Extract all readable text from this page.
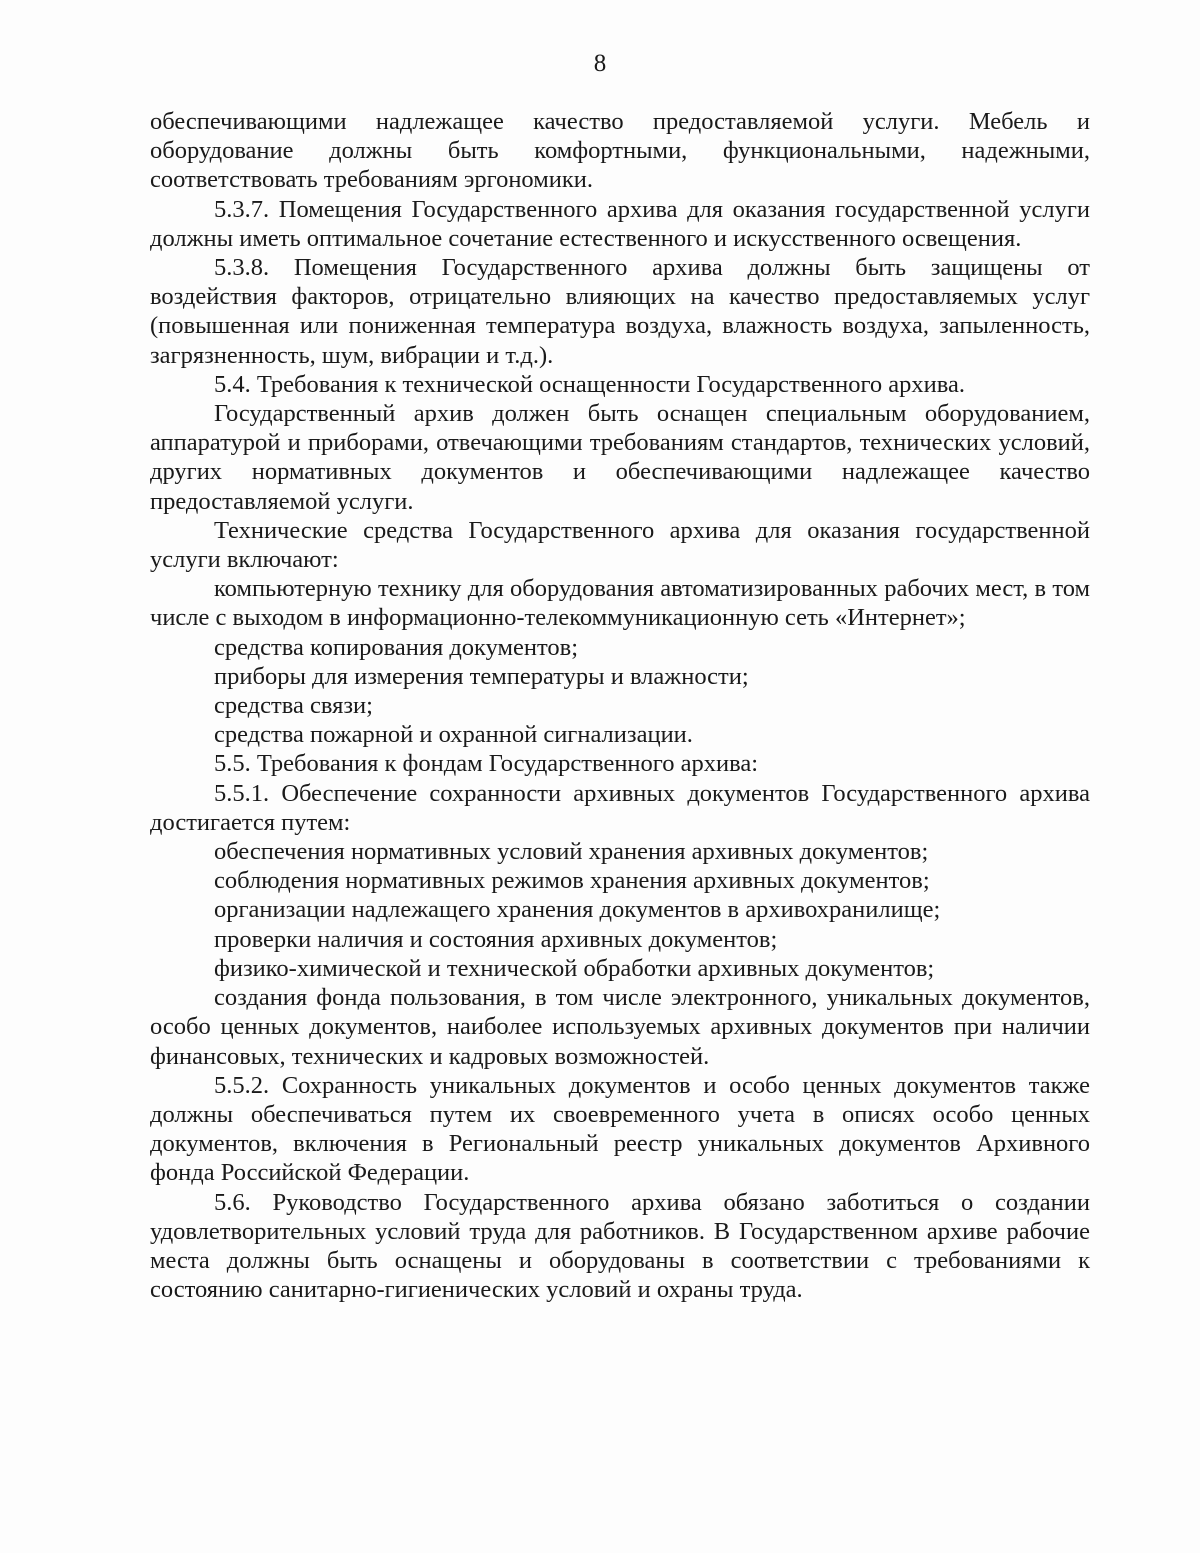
8

обеспечивающими надлежащее качество предоставляемой услуги. Мебель и оборудование должны быть комфортными, функциональными, надежными, соответствовать требованиям эргономики.

5.3.7. Помещения Государственного архива для оказания государственной услуги должны иметь оптимальное сочетание естественного и искусственного освещения.

5.3.8. Помещения Государственного архива должны быть защищены от воздействия факторов, отрицательно влияющих на качество предоставляемых услуг (повышенная или пониженная температура воздуха, влажность воздуха, запыленность, загрязненность, шум, вибрации и т.д.).

5.4. Требования к технической оснащенности Государственного архива.

Государственный архив должен быть оснащен специальным оборудованием, аппаратурой и приборами, отвечающими требованиям стандартов, технических условий, других нормативных документов и обеспечивающими надлежащее качество предоставляемой услуги.

Технические средства Государственного архива для оказания государственной услуги включают:

компьютерную технику для оборудования автоматизированных рабочих мест, в том числе с выходом в информационно-телекоммуникационную сеть «Интернет»;

средства копирования документов;

приборы для измерения температуры и влажности;

средства связи;

средства пожарной и охранной сигнализации.

5.5. Требования к фондам Государственного архива:

5.5.1. Обеспечение сохранности архивных документов Государственного архива достигается путем:

обеспечения нормативных условий хранения архивных документов;

соблюдения нормативных режимов хранения архивных документов;

организации надлежащего хранения документов в архивохранилище;

проверки наличия и состояния архивных документов;

физико-химической и технической обработки архивных документов;

создания фонда пользования, в том числе электронного, уникальных документов, особо ценных документов, наиболее используемых архивных документов при наличии финансовых, технических и кадровых возможностей.

5.5.2. Сохранность уникальных документов и особо ценных документов также должны обеспечиваться путем их своевременного учета в описях особо ценных документов, включения в Региональный реестр уникальных документов Архивного фонда Российской Федерации.

5.6. Руководство Государственного архива обязано заботиться о создании удовлетворительных условий труда для работников. В Государственном архиве рабочие места должны быть оснащены и оборудованы в соответствии с требованиями к состоянию санитарно-гигиенических условий и охраны труда.
